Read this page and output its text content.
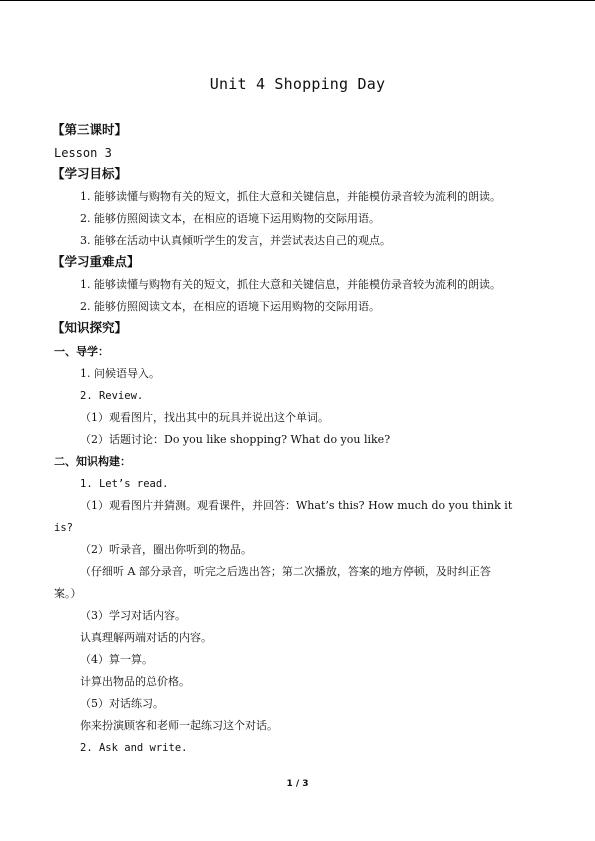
Unit 4 Shopping Day
【第三课时】
Lesson 3
【学习目标】
1. 能够读懂与购物有关的短文，抓住大意和关键信息，并能模仿录音较为流利的朗读。
2. 能够仿照阅读文本，在相应的语境下运用购物的交际用语。
3. 能够在活动中认真倾听学生的发言，并尝试表达自己的观点。
【学习重难点】
1. 能够读懂与购物有关的短文，抓住大意和关键信息，并能模仿录音较为流利的朗读。
2. 能够仿照阅读文本，在相应的语境下运用购物的交际用语。
【知识探究】
一、导学：
1. 问候语导入。
2. Review.
（1）观看图片，找出其中的玩具并说出这个单词。
（2）话题讨论：Do you like shopping? What do you like?
二、知识构建：
1. Let’s read.
（1）观看图片并猜测。观看课件，并回答：What’s this? How much do you think it
is?
（2）听录音，圈出你听到的物品。
（仔细听 A 部分录音，听完之后选出答；第二次播放，答案的地方停顿，及时纠正答
案。）
（3）学习对话内容。
认真理解两端对话的内容。
（4）算一算。
计算出物品的总价格。
（5）对话练习。
你来扮演顾客和老师一起练习这个对话。
2. Ask and write.
1 / 3
